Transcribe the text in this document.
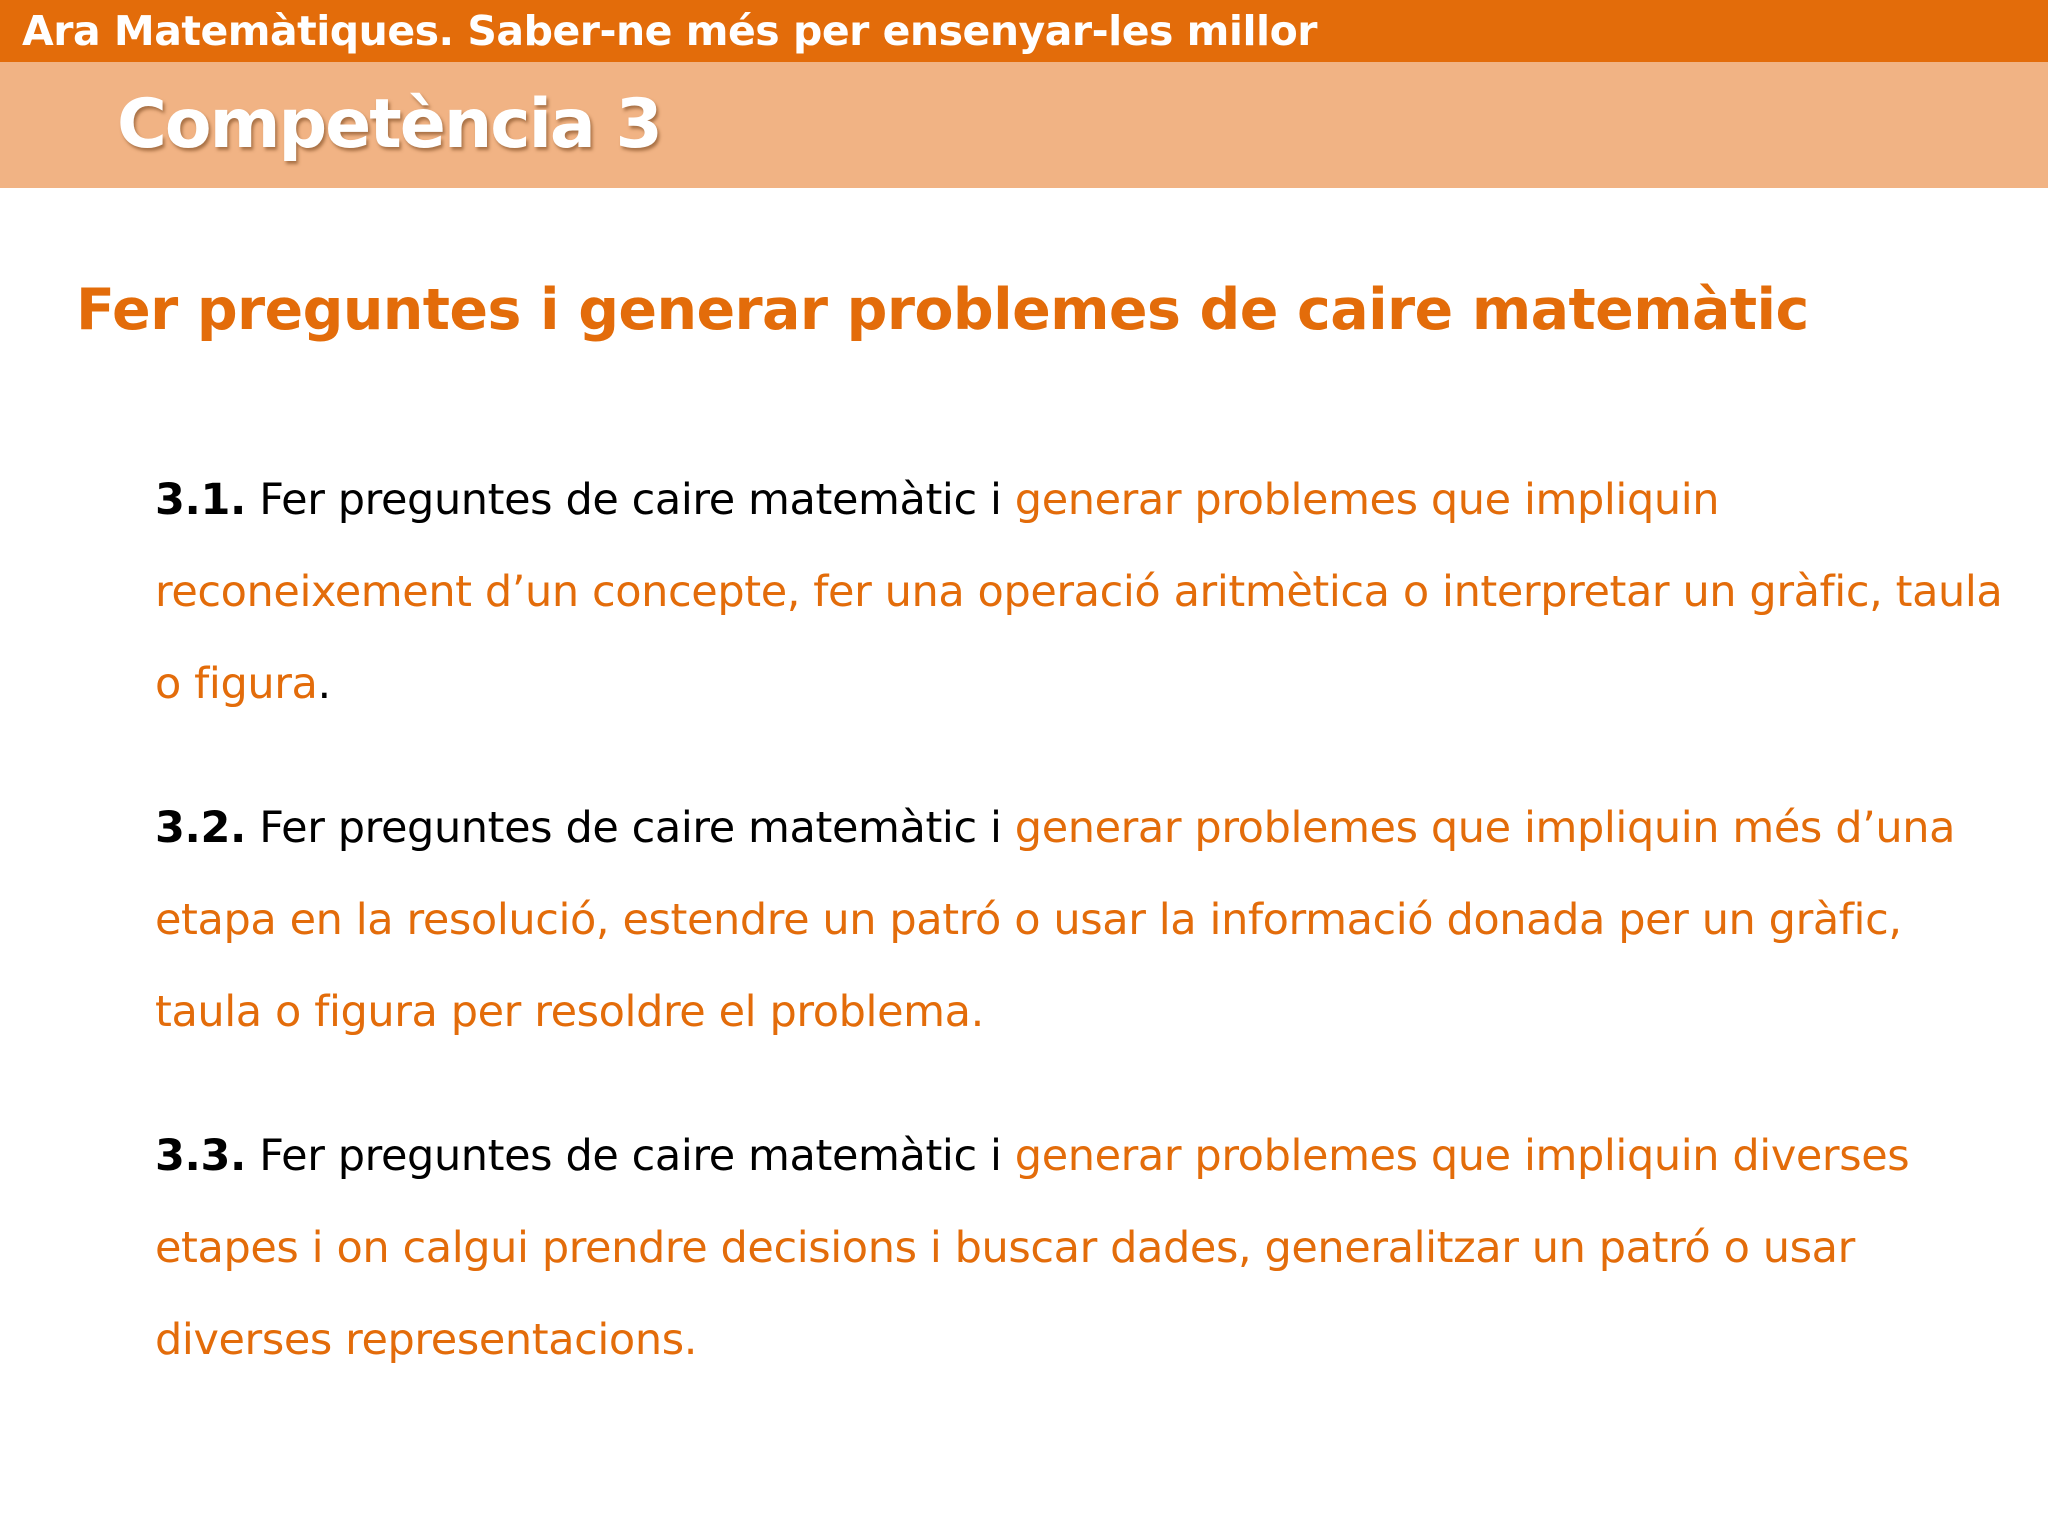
Ara Matemàtiques. Saber-ne més per ensenyar-les millor
Competència 3
Fer preguntes i generar problemes de caire matemàtic
3.1. Fer preguntes de caire matemàtic i generar problemes que impliquin reconeixement d’un concepte, fer una operació aritmètica o interpretar un gràfic, taula o figura.
3.2. Fer preguntes de caire matemàtic i generar problemes que impliquin més d’una etapa en la resolució, estendre un patró o usar la informació donada per un gràfic, taula o figura per resoldre el problema.
3.3. Fer preguntes de caire matemàtic i generar problemes que impliquin diverses etapes i on calgui prendre decisions i buscar dades, generalitzar un patró o usar diverses representacions.
